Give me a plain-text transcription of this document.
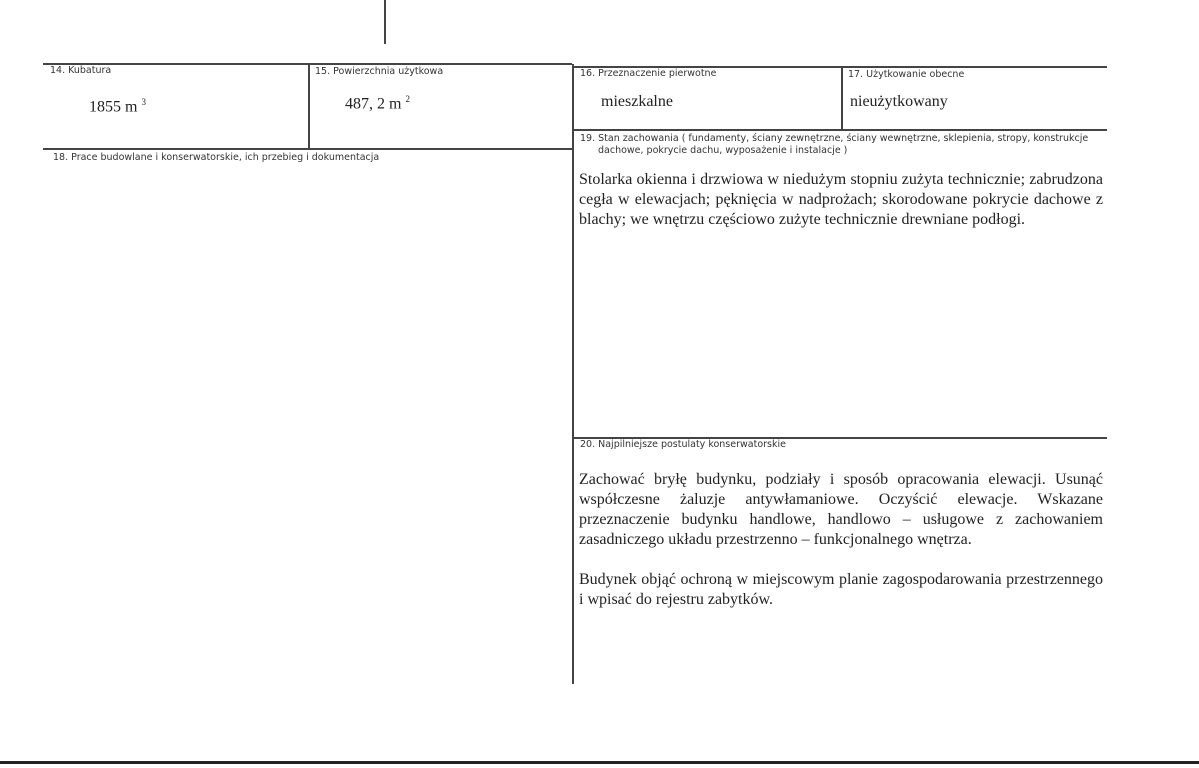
14. Kubatura
1855 m $^3$
15. Powierzchnia użytkowa
487, 2 m $^2$
18. Prace budowlane i konserwatorskie, ich przebieg i dokumentacja
16. Przeznaczenie pierwotne
mieszkalne
17. Użytkowanie obecne
nieużytkowany
19. Stan zachowania ( fundamenty, ściany zewnętrzne, ściany wewnętrzne, sklepienia, stropy, konstrukcje
dachowe, pokrycie dachu, wyposażenie i instalacje )
Stolarka okienna i drzwiowa w niedużym stopniu zużyta technicznie; zabrudzona cegła w elewacjach; pęknięcia w nadprożach; skorodowane pokrycie dachowe z blachy; we wnętrzu częściowo zużyte technicznie drewniane podłogi.
20. Najpilniejsze postulaty konserwatorskie
Zachować bryłę budynku, podziały i sposób opracowania elewacji. Usunąć współczesne żaluzje antywłamaniowe. Oczyścić elewacje. Wskazane przeznaczenie budynku handlowe, handlowo – usługowe z zachowaniem zasadniczego układu przestrzenno – funkcjonalnego wnętrza.
Budynek objąć ochroną w miejscowym planie zagospodarowania przestrzennego i wpisać do rejestru zabytków.
